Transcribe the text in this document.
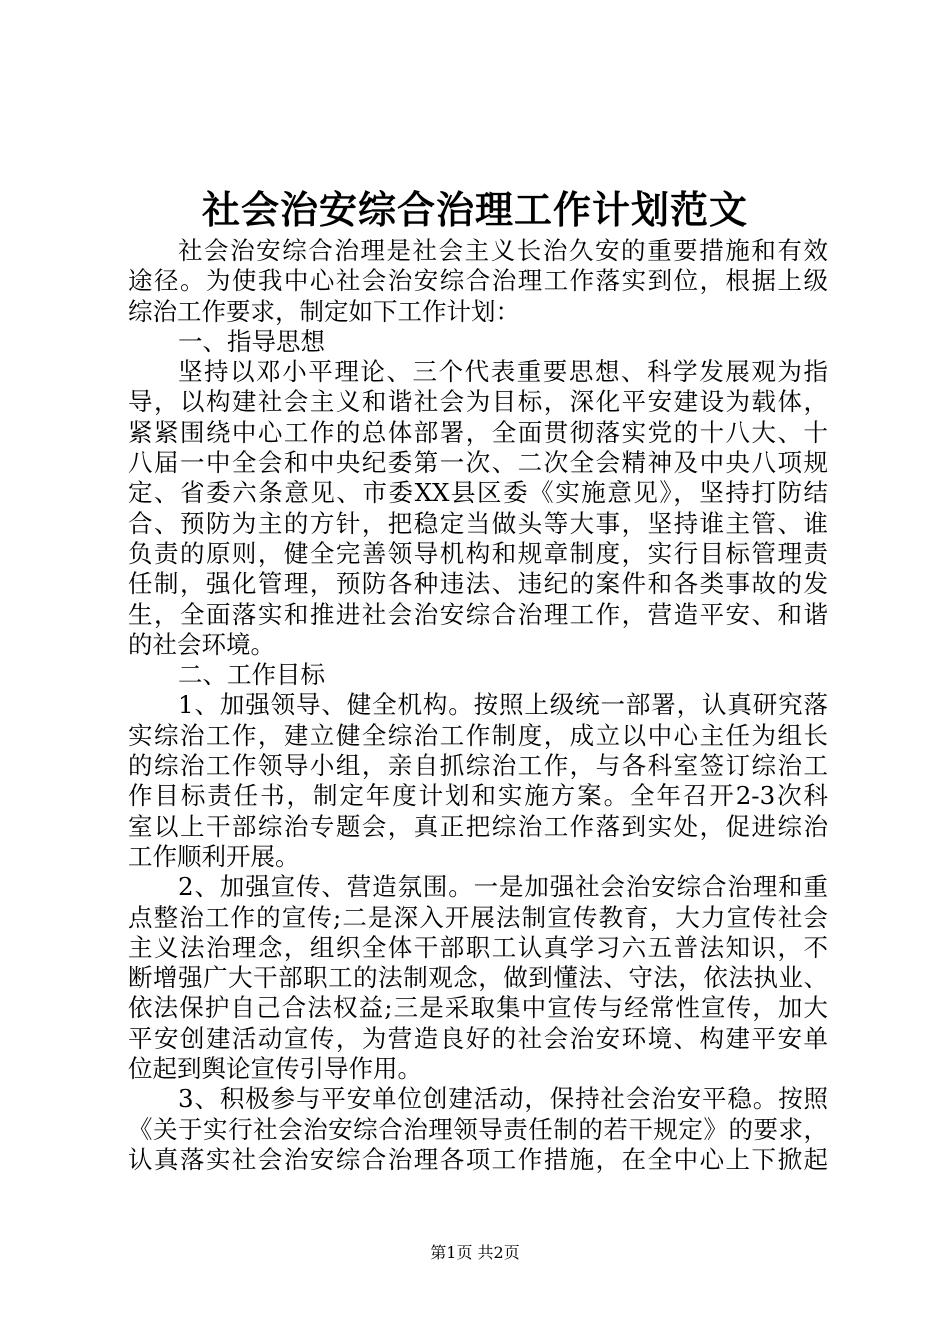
社会治安综合治理工作计划范文
社会治安综合治理是社会主义长治久安的重要措施和有效
途径。为使我中心社会治安综合治理工作落实到位，根据上级
综治工作要求，制定如下工作计划：
一、指导思想
坚持以邓小平理论、三个代表重要思想、科学发展观为指
导，以构建社会主义和谐社会为目标，深化平安建设为载体，
紧紧围绕中心工作的总体部署，全面贯彻落实党的十八大、十
八届一中全会和中央纪委第一次、二次全会精神及中央八项规
定、省委六条意见、市委XX县区委《实施意见》，坚持打防结
合、预防为主的方针，把稳定当做头等大事，坚持谁主管、谁
负责的原则，健全完善领导机构和规章制度，实行目标管理责
任制，强化管理，预防各种违法、违纪的案件和各类事故的发
生，全面落实和推进社会治安综合治理工作，营造平安、和谐
的社会环境。
二、工作目标
1、加强领导、健全机构。按照上级统一部署，认真研究落
实综治工作，建立健全综治工作制度，成立以中心主任为组长
的综治工作领导小组，亲自抓综治工作，与各科室签订综治工
作目标责任书，制定年度计划和实施方案。全年召开2-3次科
室以上干部综治专题会，真正把综治工作落到实处，促进综治
工作顺利开展。
2、加强宣传、营造氛围。一是加强社会治安综合治理和重
点整治工作的宣传;二是深入开展法制宣传教育，大力宣传社会
主义法治理念，组织全体干部职工认真学习六五普法知识，不
断增强广大干部职工的法制观念，做到懂法、守法，依法执业、
依法保护自己合法权益;三是采取集中宣传与经常性宣传，加大
平安创建活动宣传，为营造良好的社会治安环境、构建平安单
位起到舆论宣传引导作用。
3、积极参与平安单位创建活动，保持社会治安平稳。按照
《关于实行社会治安综合治理领导责任制的若干规定》的要求，
认真落实社会治安综合治理各项工作措施，在全中心上下掀起
第1页 共2页
